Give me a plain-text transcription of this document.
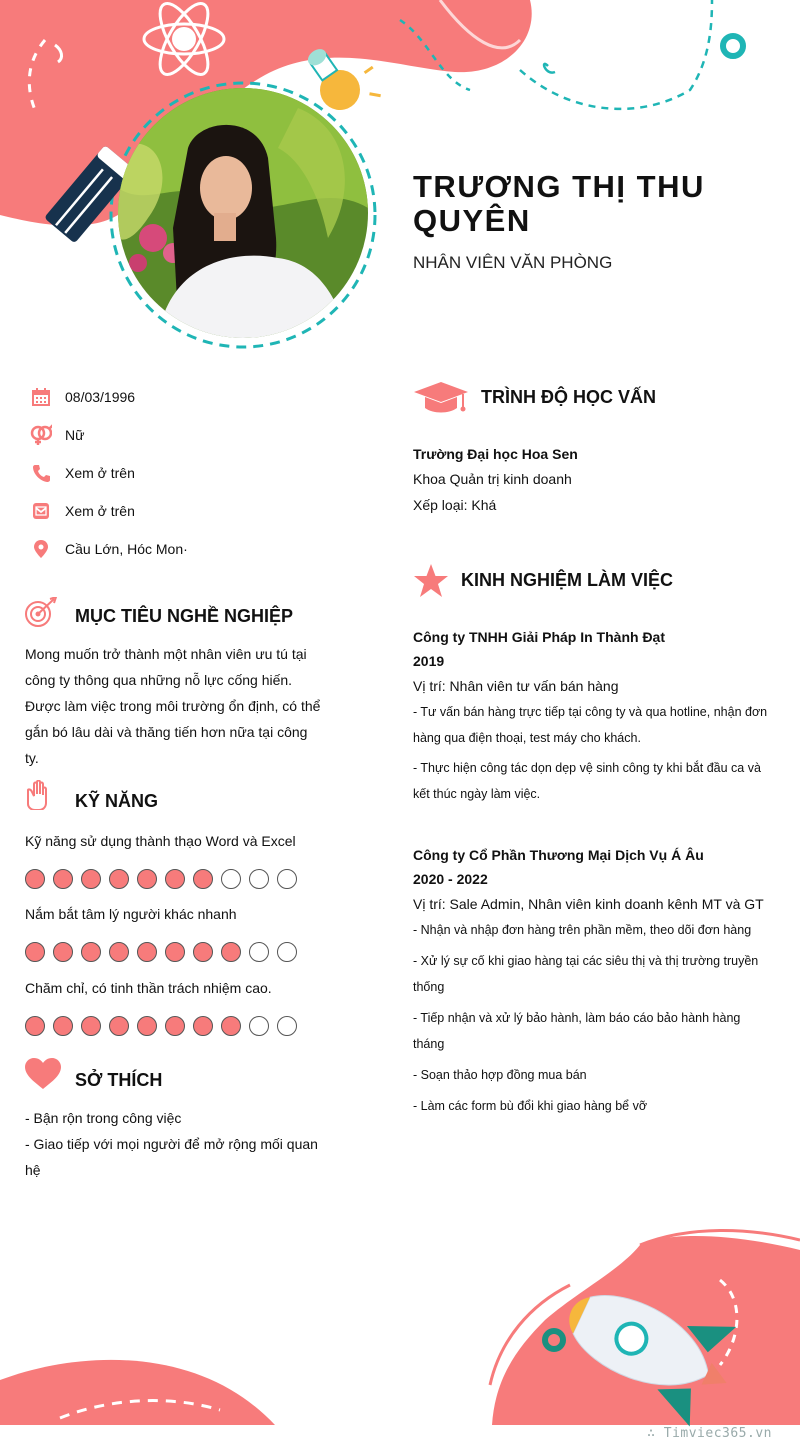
TRƯƠNG THỊ THU QUYÊN
NHÂN VIÊN VĂN PHÒNG
08/03/1996
Nữ
Xem ở trên
Xem ở trên
Cầu Lớn, Hóc Mon·
MỤC TIÊU NGHỀ NGHIỆP
Mong muốn trở thành một nhân viên ưu tú tại
công ty thông qua những nỗ lực cống hiến.
Được làm việc trong môi trường ổn định, có thể
gắn bó lâu dài và thăng tiến hơn nữa tại công
ty.
KỸ NĂNG
Kỹ năng sử dụng thành thạo Word và Excel
Nắm bắt tâm lý người khác nhanh
Chăm chỉ, có tinh thần trách nhiệm cao.
SỞ THÍCH
- Bận rộn trong công việc
- Giao tiếp với mọi người để mở rộng mối quan
hệ
TRÌNH ĐỘ HỌC VẤN
Trường Đại học Hoa Sen
Khoa Quản trị kinh doanh
Xếp loại: Khá
KINH NGHIỆM LÀM VIỆC
Công ty TNHH Giải Pháp In Thành Đạt
2019
Vị trí: Nhân viên tư vấn bán hàng
- Tư vấn bán hàng trực tiếp tại công ty và qua hotline, nhận đơn
hàng qua điện thoại, test máy cho khách.
- Thực hiện công tác dọn dẹp vệ sinh công ty khi bắt đầu ca và
kết thúc ngày làm việc.
Công ty Cổ Phần Thương Mại Dịch Vụ Á Âu
2020 - 2022
Vị trí: Sale Admin, Nhân viên kinh doanh kênh MT và GT
- Nhận và nhập đơn hàng trên phần mềm, theo dõi đơn hàng
- Xử lý sự cố khi giao hàng tại các siêu thị và thị trường truyền
thống
- Tiếp nhận và xử lý bảo hành, làm báo cáo bảo hành hàng
tháng
- Soạn thảo hợp đồng mua bán
- Làm các form bù đổi khi giao hàng bể vỡ
∴ Timviec365.vn
